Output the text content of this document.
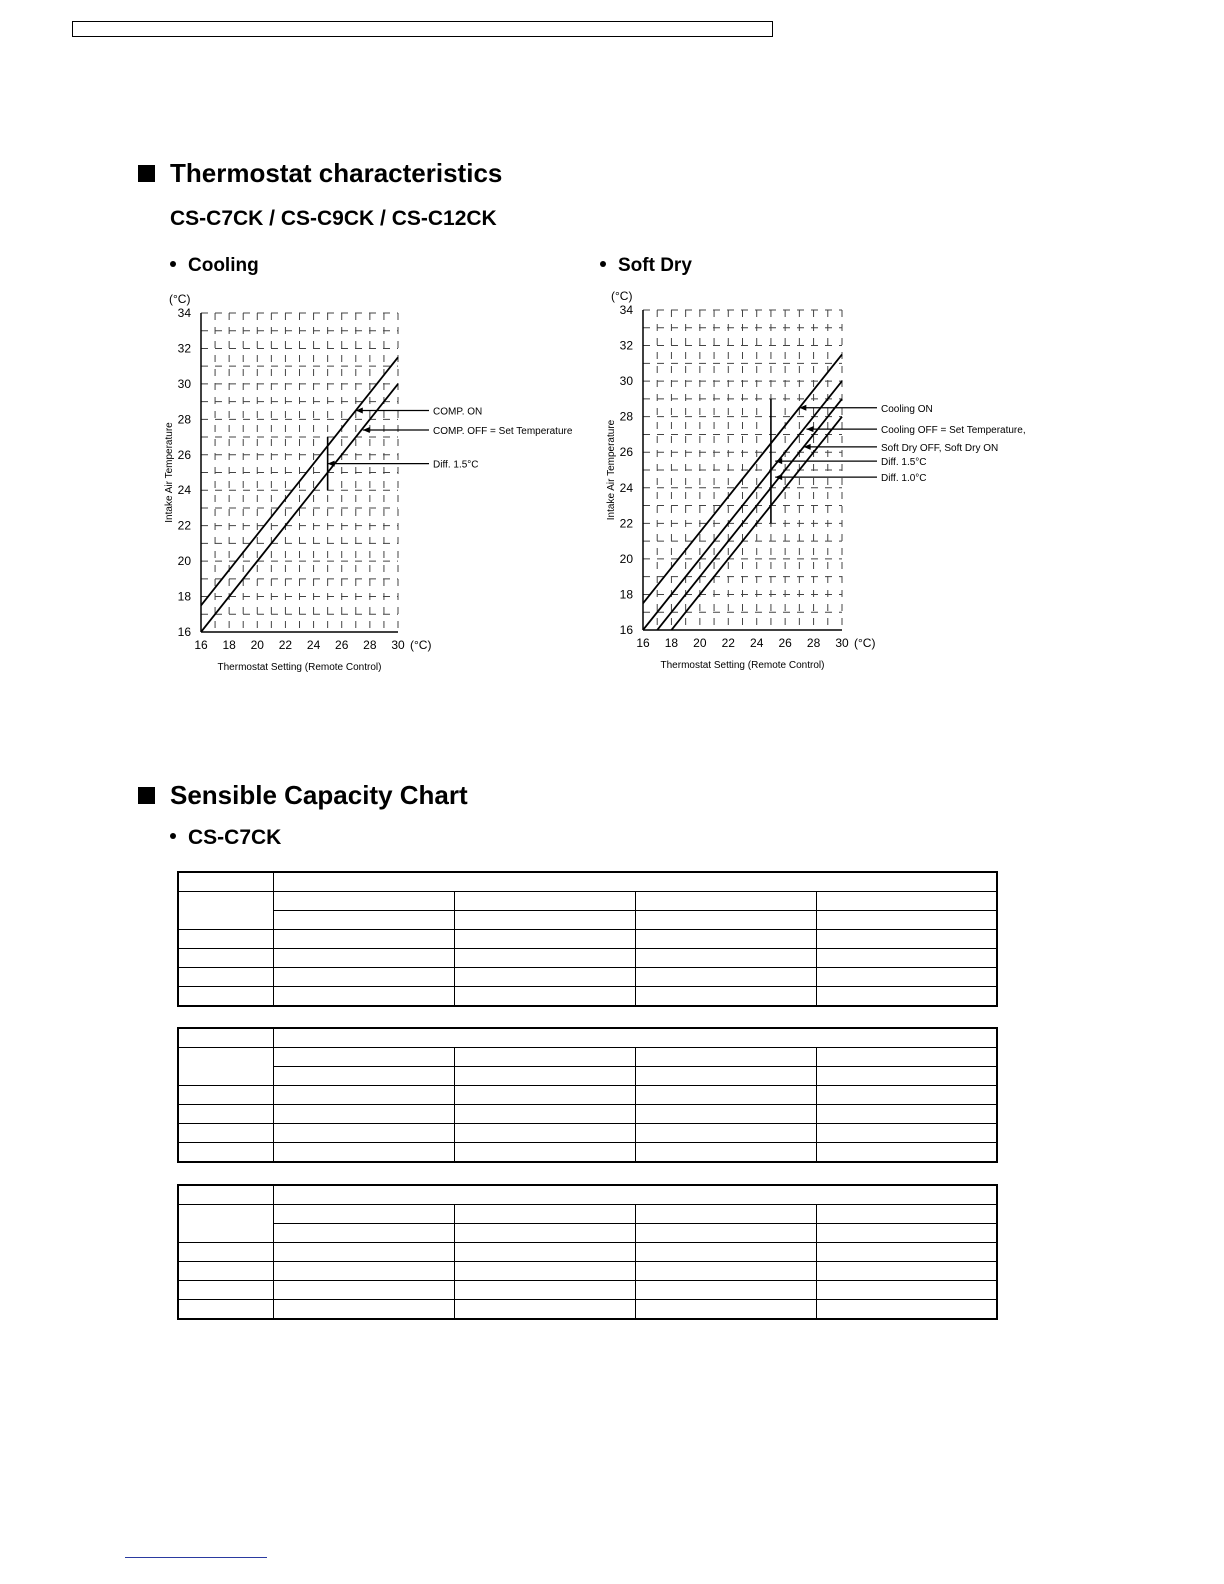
Thermostat characteristics
CS-C7CK / CS-C9CK / CS-C12CK
Cooling	Soft Dry
16
18
20
22
24
26
28
30
32
34
16 18 20 22 24 26 28 30
(°C)
(°C)
Thermostat Setting (Remote Control)
Intake Air Temperature
COMP. ON
COMP. OFF = Set Temperature
Diff. 1.5°C
16
18
20
22
24
26
28
30
32
34
16 18 20 22 24 26 28 30
(°C)
(°C)
Thermostat Setting (Remote Control)
Intake Air Temperature
Cooling ON
Cooling OFF = Set Temperature,
Soft Dry OFF, Soft Dry ON
Diff. 1.5°C
Diff. 1.0°C
Sensible Capacity Chart
CS-C7CK
